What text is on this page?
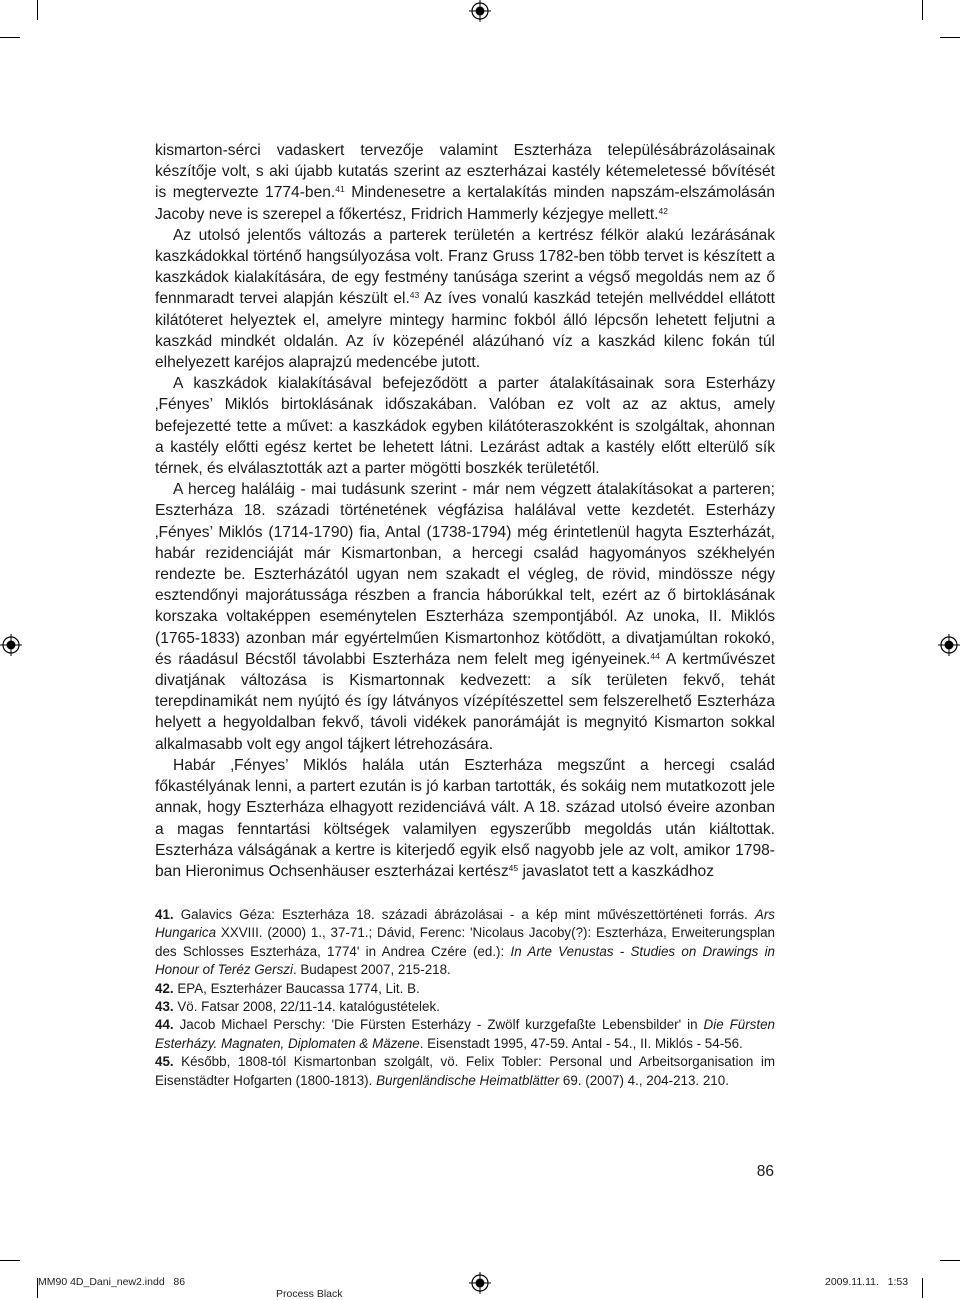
kismarton-sérci vadaskert tervezője valamint Eszterháza településábrázolásainak készítője volt, s aki újabb kutatás szerint az eszterházai kastély kétemeletessé bővítését is megtervezte 1774-ben.$^{41}$ Mindenesetre a kertalakítás minden napszám-elszámolásán Jacoby neve is szerepel a főkertész, Fridrich Hammerly kézjegye mellett.$^{42}$

Az utolsó jelentős változás a parterek területén a kertrész félkör alakú lezárásának kaszkádokkal történő hangsúlyozása volt. Franz Gruss 1782-ben több tervet is készített a kaszkádok kialakítására, de egy festmény tanúsága szerint a végső megoldás nem az ő fennmaradt tervei alapján készült el.$^{43}$ Az íves vonalú kaszkád tetején mellvéddel ellátott kilátóteret helyeztek el, amelyre mintegy harminc fokból álló lépcsőn lehetett feljutni a kaszkád mindkét oldalán. Az ív közepénél alázúhanó víz a kaszkád kilenc fokán túl elhelyezett karéjos alaprajzú medencébe jutott.

A kaszkádok kialakításával befejeződött a parter átalakításainak sora Esterházy ‚Fényes’ Miklós birtoklásának időszakában. Valóban ez volt az az aktus, amely befejezetté tette a művet: a kaszkádok egyben kilátóteraszokként is szolgáltak, ahonnan a kastély előtti egész kertet be lehetett látni. Lezárást adtak a kastély előtt elterülő sík térnek, és elválasztották azt a parter mögötti boszkék területétől.

A herceg haláláig - mai tudásunk szerint - már nem végzett átalakításokat a parteren; Eszterháza 18. századi történetének végfázisa halálával vette kezdetét. Esterházy ‚Fényes’ Miklós (1714-1790) fia, Antal (1738-1794) még érintetlenül hagyta Eszterházát, habár rezidenciáját már Kismartonban, a hercegi család hagyományos székhelyén rendezte be. Eszterházától ugyan nem szakadt el végleg, de rövid, mindössze négy esztendőnyi majorátussága részben a francia háborúkkal telt, ezért az ő birtoklásának korszaka voltaképpen eseménytelen Eszterháza szempontjából. Az unoka, II. Miklós (1765-1833) azonban már egyértelműen Kismartonhoz kötődött, a divatjamúltan rokokó, és ráadásul Bécstől távolabbi Eszterháza nem felelt meg igényeinek.$^{44}$ A kertművészet divatjának változása is Kismartonnak kedvezett: a sík területen fekvő, tehát terepdinamikát nem nyújtó és így látványos vízépítészettel sem felszerelhető Eszterháza helyett a hegyoldalban fekvő, távoli vidékek panorámáját is megnyitó Kismarton sokkal alkalmasabb volt egy angol tájkert létrehozására.

Habár ‚Fényes’ Miklós halála után Eszterháza megszűnt a hercegi család főkastélyának lenni, a partert ezután is jó karban tartották, és sokáig nem mutatkozott jele annak, hogy Eszterháza elhagyott rezidenciává vált. A 18. század utolsó éveire azonban a magas fenntartási költségek valamilyen egyszerűbb megoldás után kiáltottak. Eszterháza válságának a kertre is kiterjedő egyik első nagyobb jele az volt, amikor 1798-ban Hieronimus Ochsenhäuser eszterházai kertész$^{45}$ javaslatot tett a kaszkádhoz

41. Galavics Géza: Eszterháza 18. századi ábrázolásai - a kép mint művészettörténeti forrás. Ars Hungarica XXVIII. (2000) 1., 37-71.; Dávid, Ferenc: 'Nicolaus Jacoby(?): Eszterháza, Erweiterungsplan des Schlosses Eszterháza, 1774' in Andrea Czére (ed.): In Arte Venustas - Studies on Drawings in Honour of Teréz Gerszi. Budapest 2007, 215-218.

42. EPA, Eszterházer Baucassa 1774, Lit. B.

43. Vö. Fatsar 2008, 22/11-14. katalógustételek.

44. Jacob Michael Perschy: 'Die Fürsten Esterházy - Zwölf kurzgefaßte Lebensbilder' in Die Fürsten Esterházy. Magnaten, Diplomaten & Mäzene. Eisenstadt 1995, 47-59. Antal - 54., II. Miklós - 54-56.

45. Később, 1808-tól Kismartonban szolgált, vö. Felix Tobler: Personal und Arbeitsorganisation im Eisenstädter Hofgarten (1800-1813). Burgenländische Heimatblätter 69. (2007) 4., 204-213. 210.

86
MM90 4D_Dani_new2.indd   86
Process Black
2009.11.11.   1:53
